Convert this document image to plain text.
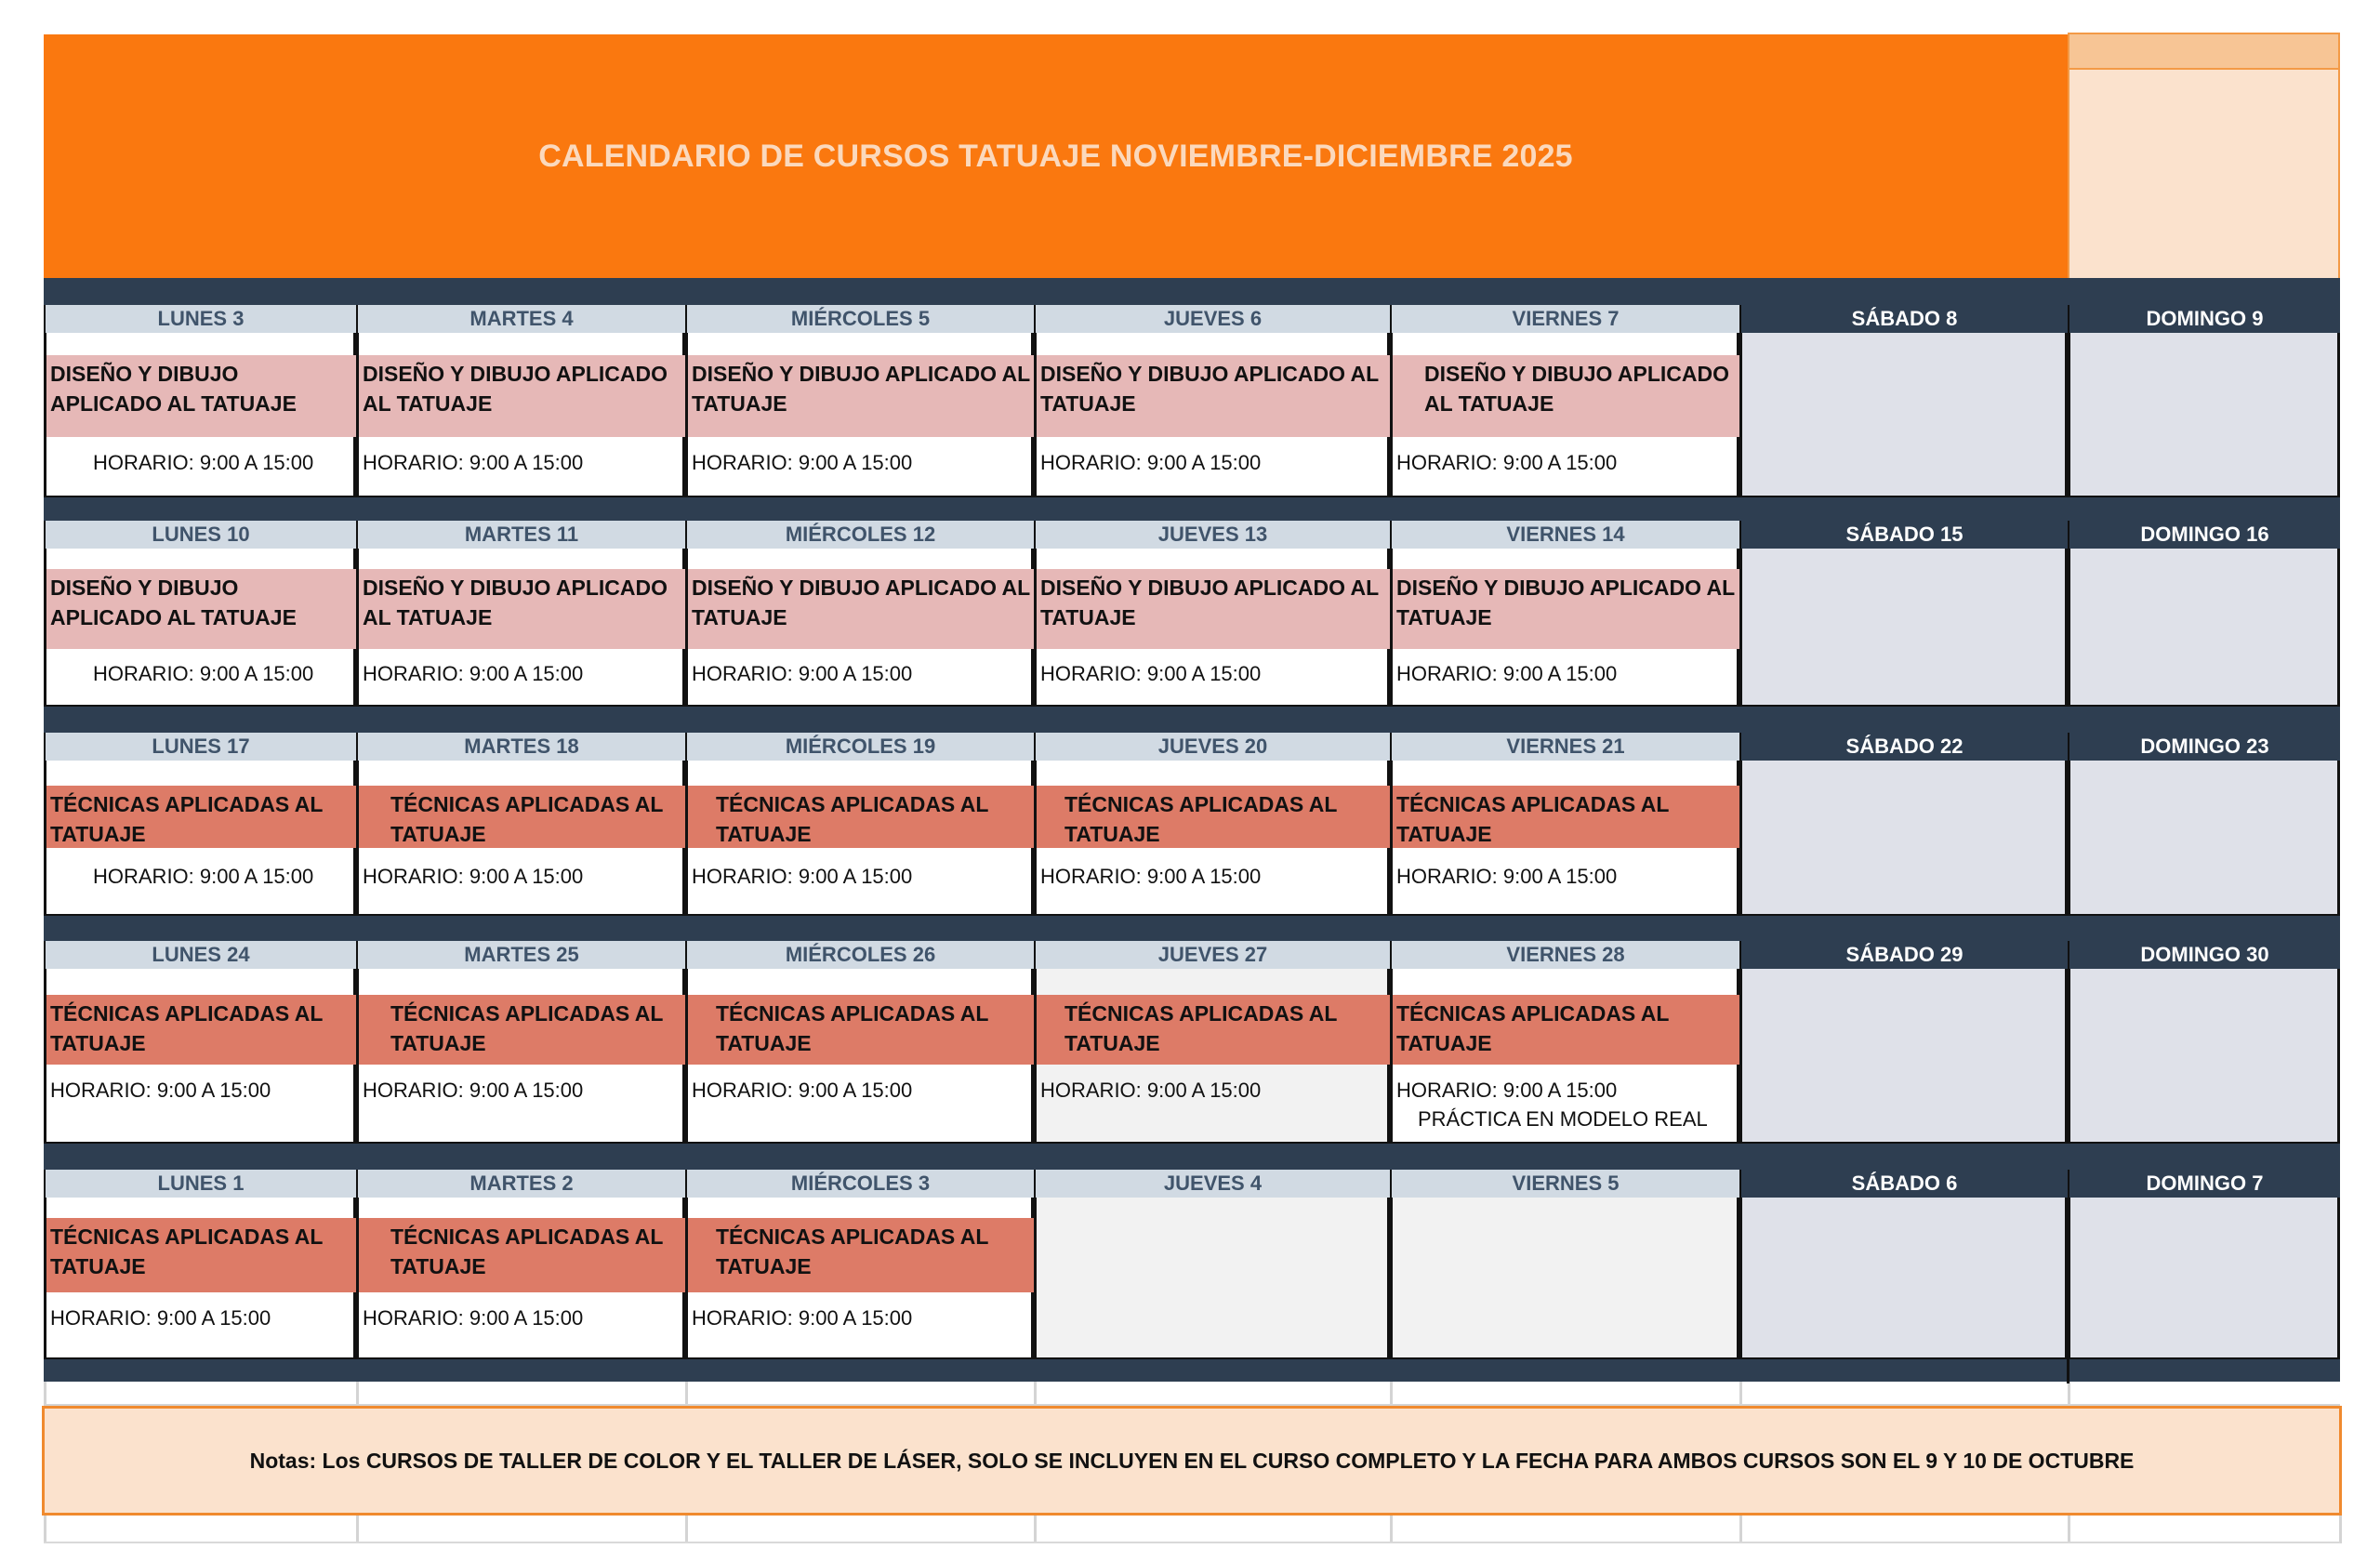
CALENDARIO DE CURSOS TATUAJE NOVIEMBRE-DICIEMBRE 2025
LUNES 3
DISEÑO Y DIBUJO APLICADO AL TATUAJE
HORARIO: 9:00 A 15:00
MARTES 4
DISEÑO Y DIBUJO APLICADO AL TATUAJE
HORARIO: 9:00 A 15:00
MIÉRCOLES 5
DISEÑO Y DIBUJO APLICADO AL TATUAJE
HORARIO: 9:00 A 15:00
JUEVES 6
DISEÑO Y DIBUJO APLICADO AL TATUAJE
HORARIO: 9:00 A 15:00
VIERNES 7
DISEÑO Y DIBUJO APLICADO AL TATUAJE
HORARIO: 9:00 A 15:00
SÁBADO 8	DOMINGO 9
LUNES 10
DISEÑO Y DIBUJO APLICADO AL TATUAJE
HORARIO: 9:00 A 15:00
MARTES 11
DISEÑO Y DIBUJO APLICADO AL TATUAJE
HORARIO: 9:00 A 15:00
MIÉRCOLES 12
DISEÑO Y DIBUJO APLICADO AL TATUAJE
HORARIO: 9:00 A 15:00
JUEVES 13
DISEÑO Y DIBUJO APLICADO AL TATUAJE
HORARIO: 9:00 A 15:00
VIERNES 14
DISEÑO Y DIBUJO APLICADO AL TATUAJE
HORARIO: 9:00 A 15:00
SÁBADO 15	DOMINGO 16
LUNES 17
TÉCNICAS APLICADAS AL TATUAJE
HORARIO: 9:00 A 15:00
MARTES 18
TÉCNICAS APLICADAS AL TATUAJE
HORARIO: 9:00 A 15:00
MIÉRCOLES 19
TÉCNICAS APLICADAS AL TATUAJE
HORARIO: 9:00 A 15:00
JUEVES 20
TÉCNICAS APLICADAS AL TATUAJE
HORARIO: 9:00 A 15:00
VIERNES 21
TÉCNICAS APLICADAS AL TATUAJE
HORARIO: 9:00 A 15:00
SÁBADO 22	DOMINGO 23
LUNES 24
TÉCNICAS APLICADAS AL TATUAJE
HORARIO: 9:00 A 15:00
MARTES 25
TÉCNICAS APLICADAS AL TATUAJE
HORARIO: 9:00 A 15:00
MIÉRCOLES 26
TÉCNICAS APLICADAS AL TATUAJE
HORARIO: 9:00 A 15:00
JUEVES 27
TÉCNICAS APLICADAS AL TATUAJE
HORARIO: 9:00 A 15:00
VIERNES 28
TÉCNICAS APLICADAS AL TATUAJE
HORARIO: 9:00 A 15:00
PRÁCTICA EN MODELO REAL
SÁBADO 29	DOMINGO 30
LUNES 1
TÉCNICAS APLICADAS AL TATUAJE
HORARIO: 9:00 A 15:00
MARTES 2
TÉCNICAS APLICADAS AL TATUAJE
HORARIO: 9:00 A 15:00
MIÉRCOLES 3
TÉCNICAS APLICADAS AL TATUAJE
HORARIO: 9:00 A 15:00
JUEVES 4	VIERNES 5	SÁBADO 6	DOMINGO 7
Notas: Los CURSOS DE TALLER DE COLOR Y EL TALLER DE LÁSER, SOLO SE INCLUYEN EN EL CURSO COMPLETO Y LA FECHA PARA AMBOS CURSOS SON EL 9 Y 10 DE OCTUBRE
